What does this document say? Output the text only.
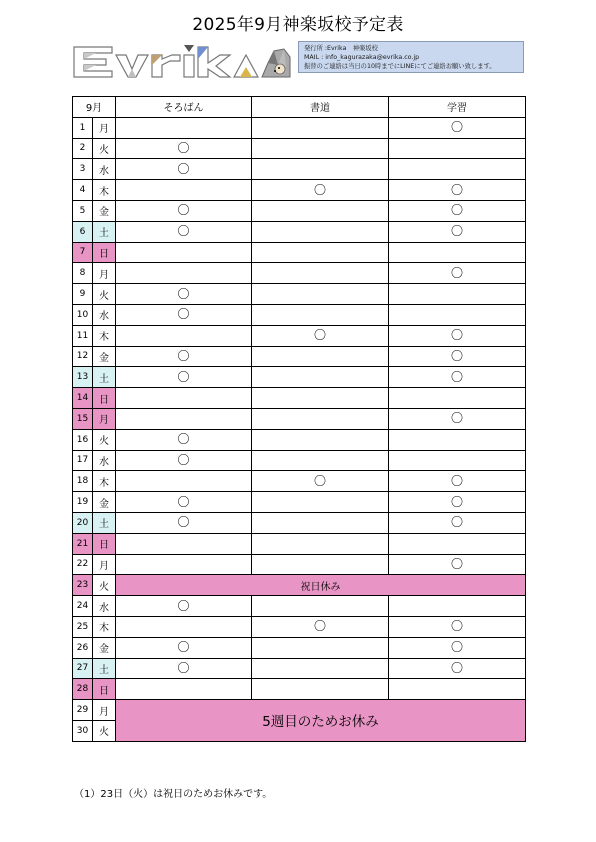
2025年9月神楽坂校予定表
発行所 :Evrika　神楽坂校
MAIL : info_kagurazaka@evrika.co.jp
振替のご連絡は当日の10時までにLINEにてご連絡お願い致します。
9月		そろばん	書道	学習
1	月			〇
2	火	〇		
3	水	〇		
4	木		〇	〇
5	金	〇		〇
6	土	〇		〇
7	日			
8	月			〇
9	火	〇		
10	水	〇		
11	木		〇	〇
12	金	〇		〇
13	土	〇		〇
14	日			
15	月			〇
16	火	〇		
17	水	〇		
18	木		〇	〇
19	金	〇		〇
20	土	〇		〇
21	日			
22	月			〇
23	火	祝日休み		
24	水	〇		
25	木		〇	〇
26	金	〇		〇
27	土	〇		〇
28	日			
29	月	5週目のためお休み		
30	火			
（1）23日（火）は祝日のためお休みです。
